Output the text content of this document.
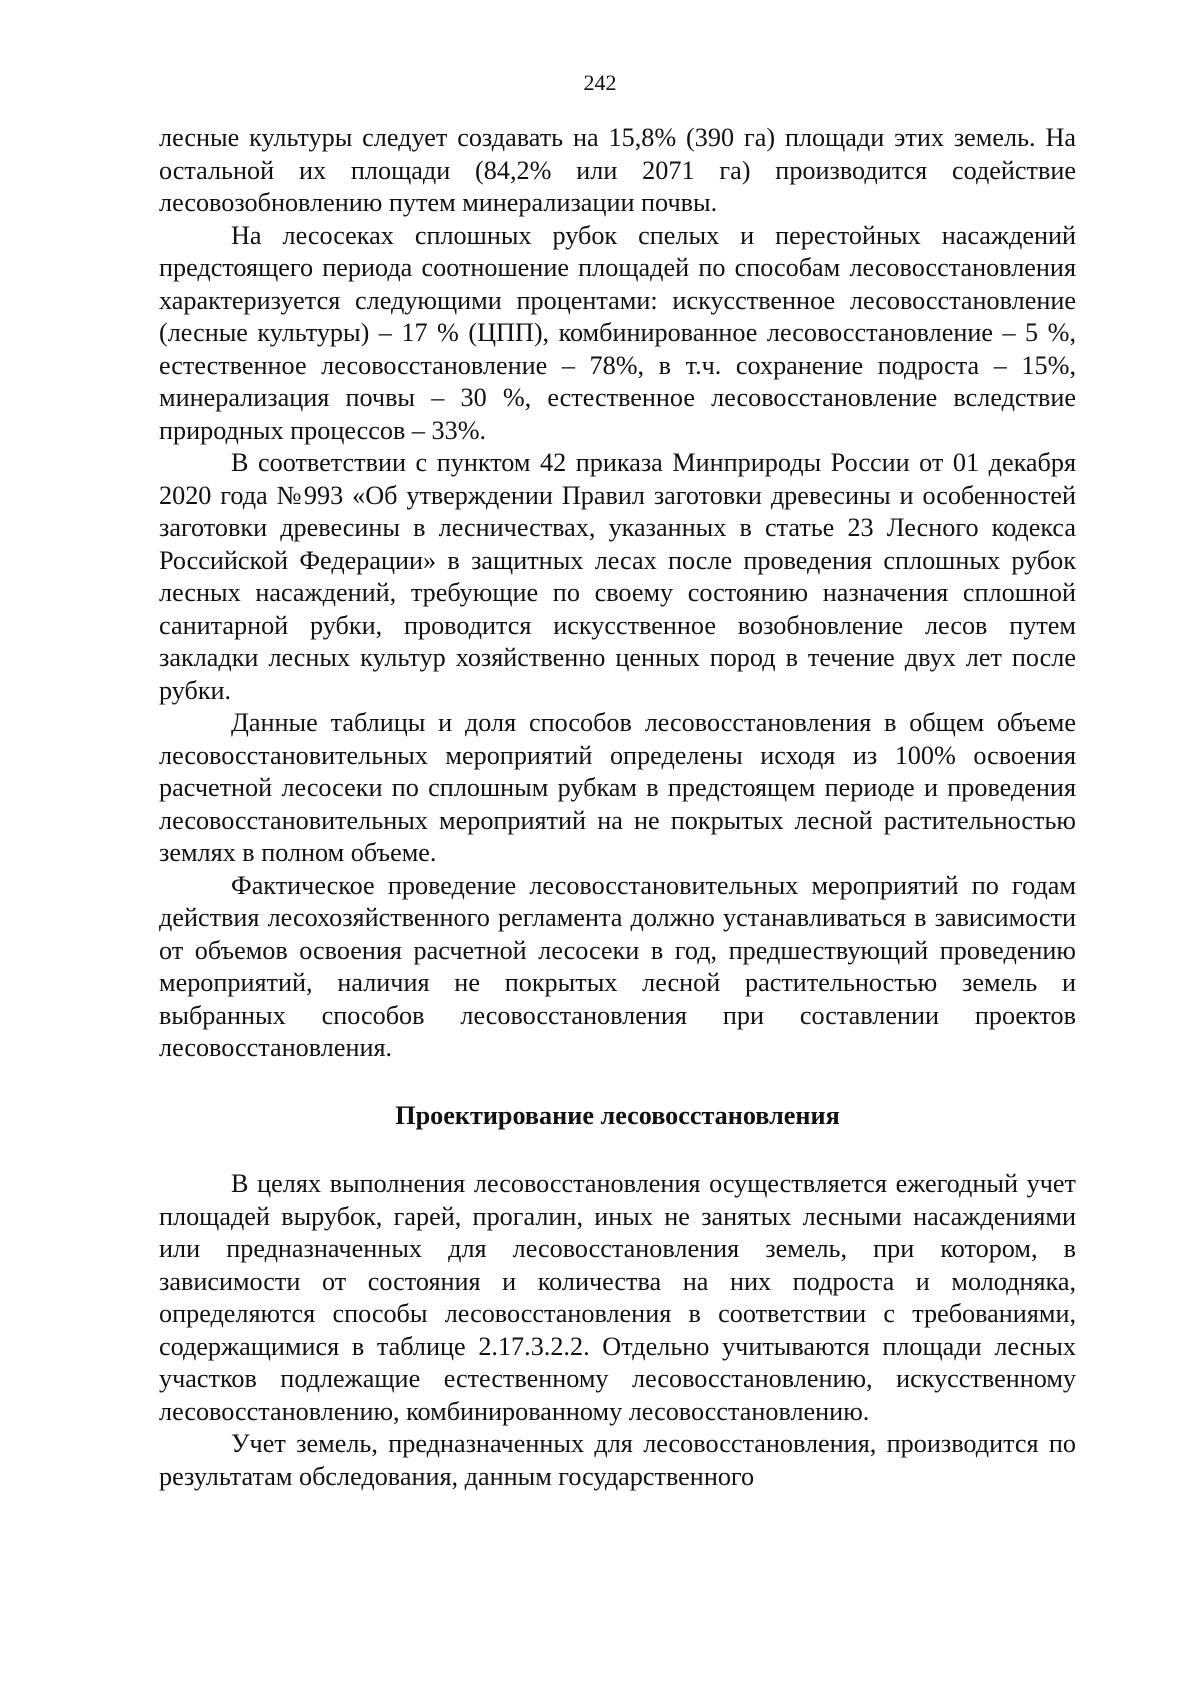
242

лесные культуры следует создавать на 15,8% (390 га) площади этих земель. На остальной их площади (84,2% или 2071 га) производится содействие лесовозобновлению путем минерализации почвы.

На лесосеках сплошных рубок спелых и перестойных насаждений предстоящего периода соотношение площадей по способам лесовосстановления характеризуется следующими процентами: искусственное лесовосстановление (лесные культуры) – 17 % (ЦПП), комбинированное лесовосстановление – 5 %, естественное лесовосстановление – 78%, в т.ч. сохранение подроста – 15%, минерализация почвы – 30 %, естественное лесовосстановление вследствие природных процессов – 33%.

В соответствии с пунктом 42 приказа Минприроды России от 01 декабря 2020 года №993 «Об утверждении Правил заготовки древесины и особенностей заготовки древесины в лесничествах, указанных в статье 23 Лесного кодекса Российской Федерации» в защитных лесах после проведения сплошных рубок лесных насаждений, требующие по своему состоянию назначения сплошной санитарной рубки, проводится искусственное возобновление лесов путем закладки лесных культур хозяйственно ценных пород в течение двух лет после рубки.

Данные таблицы и доля способов лесовосстановления в общем объеме лесовосстановительных мероприятий определены исходя из 100% освоения расчетной лесосеки по сплошным рубкам в предстоящем периоде и проведения лесовосстановительных мероприятий на не покрытых лесной растительностью землях в полном объеме.

Фактическое проведение лесовосстановительных мероприятий по годам действия лесохозяйственного регламента должно устанавливаться в зависимости от объемов освоения расчетной лесосеки в год, предшествующий проведению мероприятий, наличия не покрытых лесной растительностью земель и выбранных способов лесовосстановления при составлении проектов лесовосстановления.

Проектирование лесовосстановления

В целях выполнения лесовосстановления осуществляется ежегодный учет площадей вырубок, гарей, прогалин, иных не занятых лесными насаждениями или предназначенных для лесовосстановления земель, при котором, в зависимости от состояния и количества на них подроста и молодняка, определяются способы лесовосстановления в соответствии с требованиями, содержащимися в таблице 2.17.3.2.2. Отдельно учитываются площади лесных участков подлежащие естественному лесовосстановлению, искусственному лесовосстановлению, комбинированному лесовосстановлению.

Учет земель, предназначенных для лесовосстановления, производится по результатам обследования, данным государственного
